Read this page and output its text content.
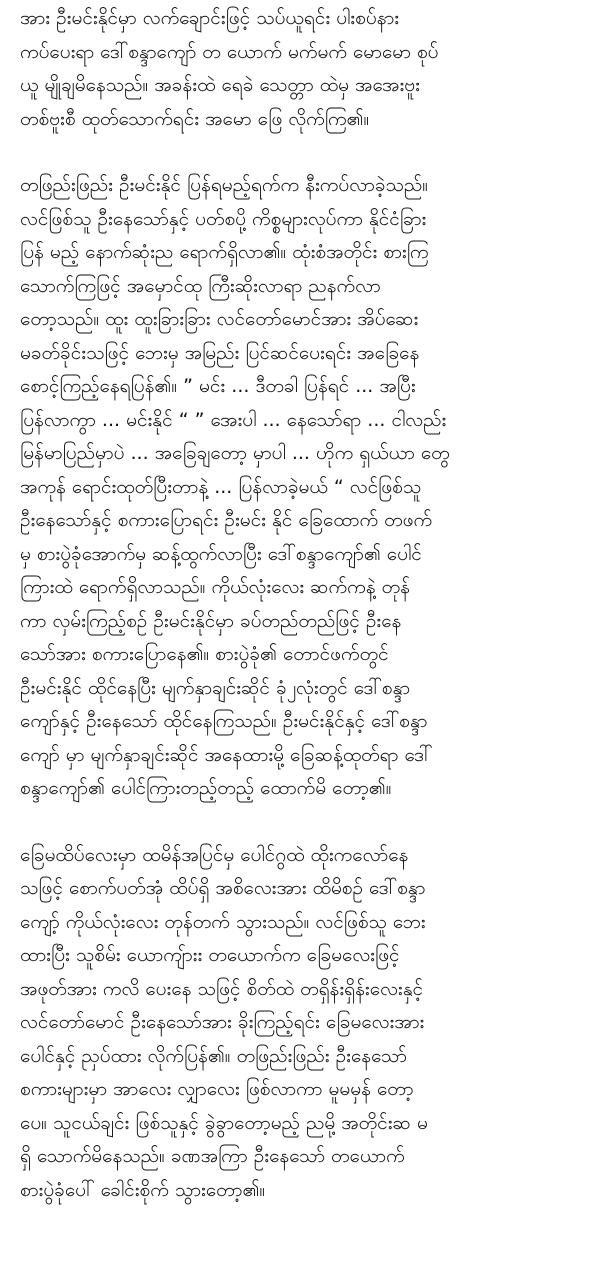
အား ဦးမင်းနိုင်မှာ လက်ချောင်းဖြင့် သပ်ယူရင်း ပါးစပ်နား
ကပ်ပေးရာ ဒေါ်စန္ဒာကျော် တ ယောက် မက်မက် မောမော စုပ်
ယူ မျိုချမိနေသည်။ အခန်းထဲ ရေခဲ သေတ္တာ ထဲမှ အအေးဗူး
တစ်ဗူးစီ ထုတ်သောက်ရင်း အမော ဖြေ လိုက်ကြ၏။

တဖြည်းဖြည်း ဦးမင်းနိုင် ပြန်ရမည့်ရက်က နီးကပ်လာခဲ့သည်။
လင်ဖြစ်သူ ဦးနေသော်နှင့် ပတ်စပို့ ကိစ္စများလုပ်ကာ နိုင်ငံခြား
ပြန် မည့် နောက်ဆုံးည ရောက်ရှိလာ၏။ ထုံးစံအတိုင်း စားကြ
သောက်ကြဖြင့် အမှောင်ထု ကြီးဆိုးလာရာ ညနက်လာ
တော့သည်။ ထူး ထူးခြားခြား လင်တော်မောင်အား အိပ်ဆေး
မခတ်ခိုင်းသဖြင့် ဘေးမှ အမြည်း ပြင်ဆင်ပေးရင်း အခြေနေ
စောင့်ကြည့်နေရပြန်၏။ ” မင်း ... ဒီတခါ ပြန်ရင် ... အပြီး
ပြန်လာကွာ ... မင်းနိုင် “ ” အေးပါ ... နေသော်ရာ ... ငါလည်း
မြန်မာပြည်မှာပဲ ... အခြေချတော့ မှာပါ ... ဟိုက ရှယ်ယာ တွေ
အကုန် ရောင်းထုတ်ပြီးတာနဲ့ ... ပြန်လာခဲ့မယ် “ လင်ဖြစ်သူ
ဦးနေသော်နှင့် စကားပြောရင်း ဦးမင်း နိုင် ခြေထောက် တဖက်
မှ စားပွဲခုံအောက်မှ ဆန့်ထွက်လာပြီး ဒေါ်စန္ဒာကျော်၏ ပေါင်
ကြားထဲ ရောက်ရှိလာသည်။ ကိုယ်လုံးလေး ဆက်ကနဲ့ တုန်
ကာ လှမ်းကြည့်စဉ် ဦးမင်းနိုင်မှာ ခပ်တည်တည်ဖြင့် ဦးနေ
သော်အား စကားပြောနေ၏။ စားပွဲခုံ၏ တောင်ဖက်တွင်
ဦးမင်းနိုင် ထိုင်နေပြီး မျက်နှာချင်းဆိုင် ခုံ၂လုံးတွင် ဒေါ်စန္ဒာ
ကျော်နှင့် ဦးနေသော် ထိုင်နေကြသည်။ ဦးမင်းနိုင်နှင့် ဒေါ်စန္ဒာ
ကျော် မှာ မျက်နှာချင်းဆိုင် အနေထားမို့ ခြေဆန့်ထုတ်ရာ ဒေါ်
စန္ဒာကျော်၏ ပေါင်ကြားတည့်တည့် ထောက်မိ တော့၏။

ခြေမထိပ်လေးမှာ ထမိန်အပြင်မှ ပေါင်ဂွထဲ ထိုးကလော်နေ
သဖြင့် စောက်ပတ်အုံ ထိပ်ရှိ အစိလေးအား ထိမိစဉ် ဒေါ်စန္ဒာ
ကျော့် ကိုယ်လုံးလေး တုန်တက် သွားသည်။ လင်ဖြစ်သူ ဘေး
ထားပြီး သူစိမ်း ယောကျ်ားး တယောက်က ခြေမလေးဖြင့်
အဖုတ်အား ကလိ ပေးနေ သဖြင့် စိတ်ထဲ တရှိန်းရှိန်းလေးနှင့်
လင်တော်မောင် ဦးနေသော်အား ခိုးကြည့်ရင်း ခြေမလေးအား
ပေါင်နှင့် ညှပ်ထား လိုက်ပြန်၏။ တဖြည်းဖြည်း ဦးနေသော်
စကားများမှာ အာလေး လျှာလေး ဖြစ်လာကာ မူမမှန် တော့
ပေ။ သူငယ်ချင်း ဖြစ်သူနှင့် ခွဲခွာတော့မည့် ညမို့ အတိုင်းဆ မ
ရှိ သောက်မိနေသည်။ ခဏအကြာ ဦးနေသော် တယောက်
စားပွဲခုံပေါ် ခေါင်းစိုက် သွားတော့၏။
